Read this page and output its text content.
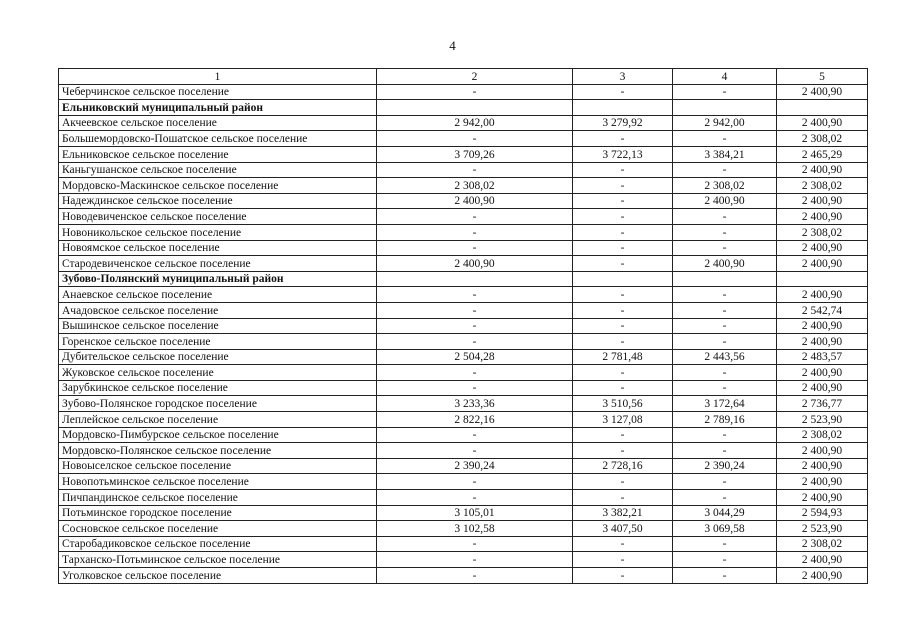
4
1	2	3	4	5
Чеберчинское сельское поселение	-	-	-	2 400,90
Ельниковский муниципальный район				
Акчеевское сельское поселение	2 942,00	3 279,92	2 942,00	2 400,90
Большемордовско-Пошатское сельское поселение	-	-	-	2 308,02
Ельниковское сельское поселение	3 709,26	3 722,13	3 384,21	2 465,29
Каньгушанское сельское поселение	-	-	-	2 400,90
Мордовско-Маскинское сельское поселение	2 308,02	-	2 308,02	2 308,02
Надеждинское сельское поселение	2 400,90	-	2 400,90	2 400,90
Новодевиченское сельское поселение	-	-	-	2 400,90
Новоникольское сельское поселение	-	-	-	2 308,02
Новоямское сельское поселение	-	-	-	2 400,90
Стародевиченское сельское поселение	2 400,90	-	2 400,90	2 400,90
Зубово-Полянский муниципальный район				
Анаевское сельское поселение	-	-	-	2 400,90
Ачадовское сельское поселение	-	-	-	2 542,74
Вышинское сельское поселение	-	-	-	2 400,90
Горенское сельское поселение	-	-	-	2 400,90
Дубительское сельское поселение	2 504,28	2 781,48	2 443,56	2 483,57
Жуковское сельское поселение	-	-	-	2 400,90
Зарубкинское сельское поселение	-	-	-	2 400,90
Зубово-Полянское городское поселение	3 233,36	3 510,56	3 172,64	2 736,77
Леплейское сельское поселение	2 822,16	3 127,08	2 789,16	2 523,90
Мордовско-Пимбурское сельское поселение	-	-	-	2 308,02
Мордовско-Полянское сельское поселение	-	-	-	2 400,90
Новоыселское сельское поселение	2 390,24	2 728,16	2 390,24	2 400,90
Новопотьминское сельское поселение	-	-	-	2 400,90
Пичпандинское сельское поселение	-	-	-	2 400,90
Потьминское городское поселение	3 105,01	3 382,21	3 044,29	2 594,93
Сосновское сельское поселение	3 102,58	3 407,50	3 069,58	2 523,90
Старобадиковское сельское поселение	-	-	-	2 308,02
Тарханско-Потьминское сельское поселение	-	-	-	2 400,90
Уголковское сельское поселение	-	-	-	2 400,90
